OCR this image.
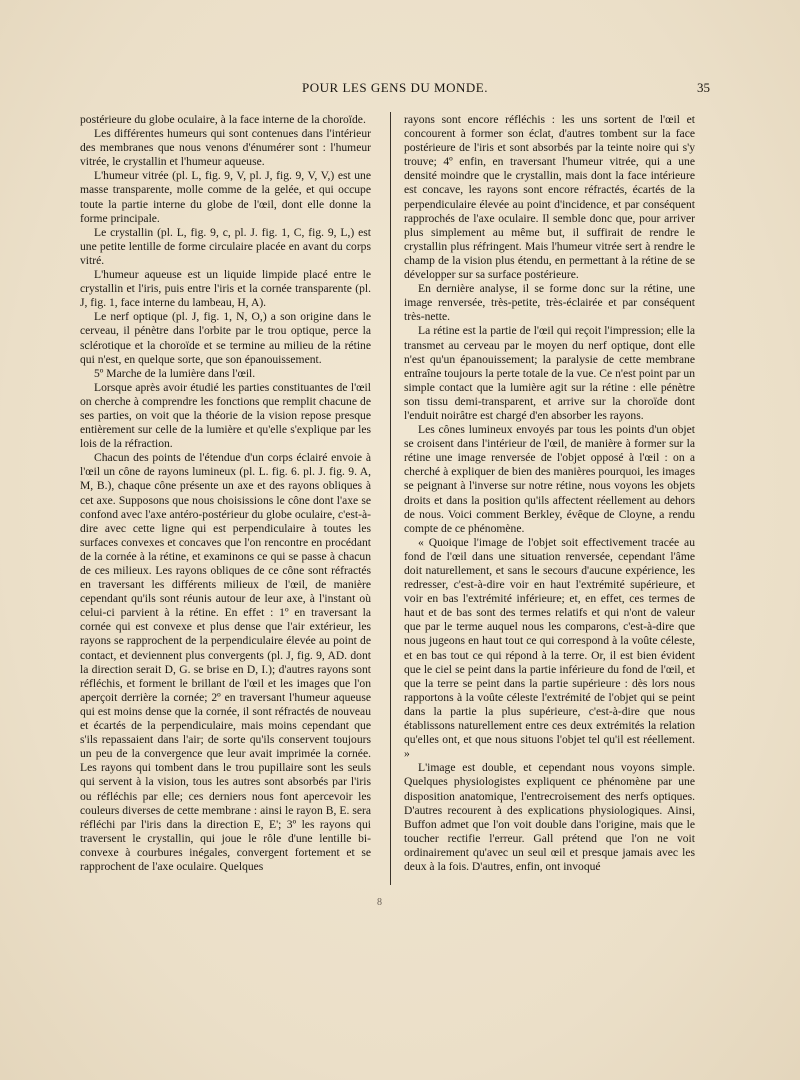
POUR LES GENS DU MONDE.	35

postérieure du globe oculaire, à la face interne de la choroïde.

Les différentes humeurs qui sont contenues dans l'intérieur des membranes que nous venons d'énumérer sont : l'humeur vitrée, le crystallin et l'humeur aqueuse.

L'humeur vitrée (pl. L, fig. 9, V, pl. J, fig. 9, V, V,) est une masse transparente, molle comme de la gelée, et qui occupe toute la partie interne du globe de l'œil, dont elle donne la forme principale.

Le crystallin (pl. L, fig. 9, c, pl. J. fig. 1, C, fig. 9, L,) est une petite lentille de forme circulaire placée en avant du corps vitré.

L'humeur aqueuse est un liquide limpide placé entre le crystallin et l'iris, puis entre l'iris et la cornée transparente (pl. J, fig. 1, face interne du lambeau, H, A).

Le nerf optique (pl. J, fig. 1, N, O,) a son origine dans le cerveau, il pénètre dans l'orbite par le trou optique, perce la sclérotique et la choroïde et se termine au milieu de la rétine qui n'est, en quelque sorte, que son épanouissement.

5º Marche de la lumière dans l'œil.

Lorsque après avoir étudié les parties constituantes de l'œil on cherche à comprendre les fonctions que remplit chacune de ses parties, on voit que la théorie de la vision repose presque entièrement sur celle de la lumière et qu'elle s'explique par les lois de la réfraction.

Chacun des points de l'étendue d'un corps éclairé envoie à l'œil un cône de rayons lumineux (pl. L. fig. 6. pl. J. fig. 9. A, M, B.), chaque cône présente un axe et des rayons obliques à cet axe. Supposons que nous choisissions le cône dont l'axe se confond avec l'axe antéro-postérieur du globe oculaire, c'est-à-dire avec cette ligne qui est perpendiculaire à toutes les surfaces convexes et concaves que l'on rencontre en procédant de la cornée à la rétine, et examinons ce qui se passe à chacun de ces milieux. Les rayons obliques de ce cône sont réfractés en traversant les différents milieux de l'œil, de manière cependant qu'ils sont réunis autour de leur axe, à l'instant où celui-ci parvient à la rétine. En effet : 1º en traversant la cornée qui est convexe et plus dense que l'air extérieur, les rayons se rapprochent de la perpendiculaire élevée au point de contact, et deviennent plus convergents (pl. J, fig. 9, AD. dont la direction serait D, G. se brise en D, I.); d'autres rayons sont réfléchis, et forment le brillant de l'œil et les images que l'on aperçoit derrière la cornée; 2º en traversant l'humeur aqueuse qui est moins dense que la cornée, il sont réfractés de nouveau et écartés de la perpendiculaire, mais moins cependant que s'ils repassaient dans l'air; de sorte qu'ils conservent toujours un peu de la convergence que leur avait imprimée la cornée. Les rayons qui tombent dans le trou pupillaire sont les seuls qui servent à la vision, tous les autres sont absorbés par l'iris ou réfléchis par elle; ces derniers nous font apercevoir les couleurs diverses de cette membrane : ainsi le rayon B, E. sera réfléchi par l'iris dans la direction E, E'; 3º les rayons qui traversent le crystallin, qui joue le rôle d'une lentille bi-convexe à courbures inégales, convergent fortement et se rapprochent de l'axe oculaire. Quelques

rayons sont encore réfléchis : les uns sortent de l'œil et concourent à former son éclat, d'autres tombent sur la face postérieure de l'iris et sont absorbés par la teinte noire qui s'y trouve; 4º enfin, en traversant l'humeur vitrée, qui a une densité moindre que le crystallin, mais dont la face intérieure est concave, les rayons sont encore réfractés, écartés de la perpendiculaire élevée au point d'incidence, et par conséquent rapprochés de l'axe oculaire. Il semble donc que, pour arriver plus simplement au même but, il suffirait de rendre le crystallin plus réfringent. Mais l'humeur vitrée sert à rendre le champ de la vision plus étendu, en permettant à la rétine de se développer sur sa surface postérieure.

En dernière analyse, il se forme donc sur la rétine, une image renversée, très-petite, très-éclairée et par conséquent très-nette.

La rétine est la partie de l'œil qui reçoit l'impression; elle la transmet au cerveau par le moyen du nerf optique, dont elle n'est qu'un épanouissement; la paralysie de cette membrane entraîne toujours la perte totale de la vue. Ce n'est point par un simple contact que la lumière agit sur la rétine : elle pénètre son tissu demi-transparent, et arrive sur la choroïde dont l'enduit noirâtre est chargé d'en absorber les rayons.

Les cônes lumineux envoyés par tous les points d'un objet se croisent dans l'intérieur de l'œil, de manière à former sur la rétine une image renversée de l'objet opposé à l'œil : on a cherché à expliquer de bien des manières pourquoi, les images se peignant à l'inverse sur notre rétine, nous voyons les objets droits et dans la position qu'ils affectent réellement au dehors de nous. Voici comment Berkley, évêque de Cloyne, a rendu compte de ce phénomène.

« Quoique l'image de l'objet soit effectivement tracée au fond de l'œil dans une situation renversée, cependant l'âme doit naturellement, et sans le secours d'aucune expérience, les redresser, c'est-à-dire voir en haut l'extrémité supérieure, et voir en bas l'extrémité inférieure; et, en effet, ces termes de haut et de bas sont des termes relatifs et qui n'ont de valeur que par le terme auquel nous les comparons, c'est-à-dire que nous jugeons en haut tout ce qui correspond à la voûte céleste, et en bas tout ce qui répond à la terre. Or, il est bien évident que le ciel se peint dans la partie inférieure du fond de l'œil, et que la terre se peint dans la partie supérieure : dès lors nous rapportons à la voûte céleste l'extrémité de l'objet qui se peint dans la partie la plus supérieure, c'est-à-dire que nous établissons naturellement entre ces deux extrémités la relation qu'elles ont, et que nous situons l'objet tel qu'il est réellement. »

L'image est double, et cependant nous voyons simple. Quelques physiologistes expliquent ce phénomène par une disposition anatomique, l'entrecroisement des nerfs optiques. D'autres recourent à des explications physiologiques. Ainsi, Buffon admet que l'on voit double dans l'origine, mais que le toucher rectifie l'erreur. Gall prétend que l'on ne voit ordinairement qu'avec un seul œil et presque jamais avec les deux à la fois. D'autres, enfin, ont invoqué

8
